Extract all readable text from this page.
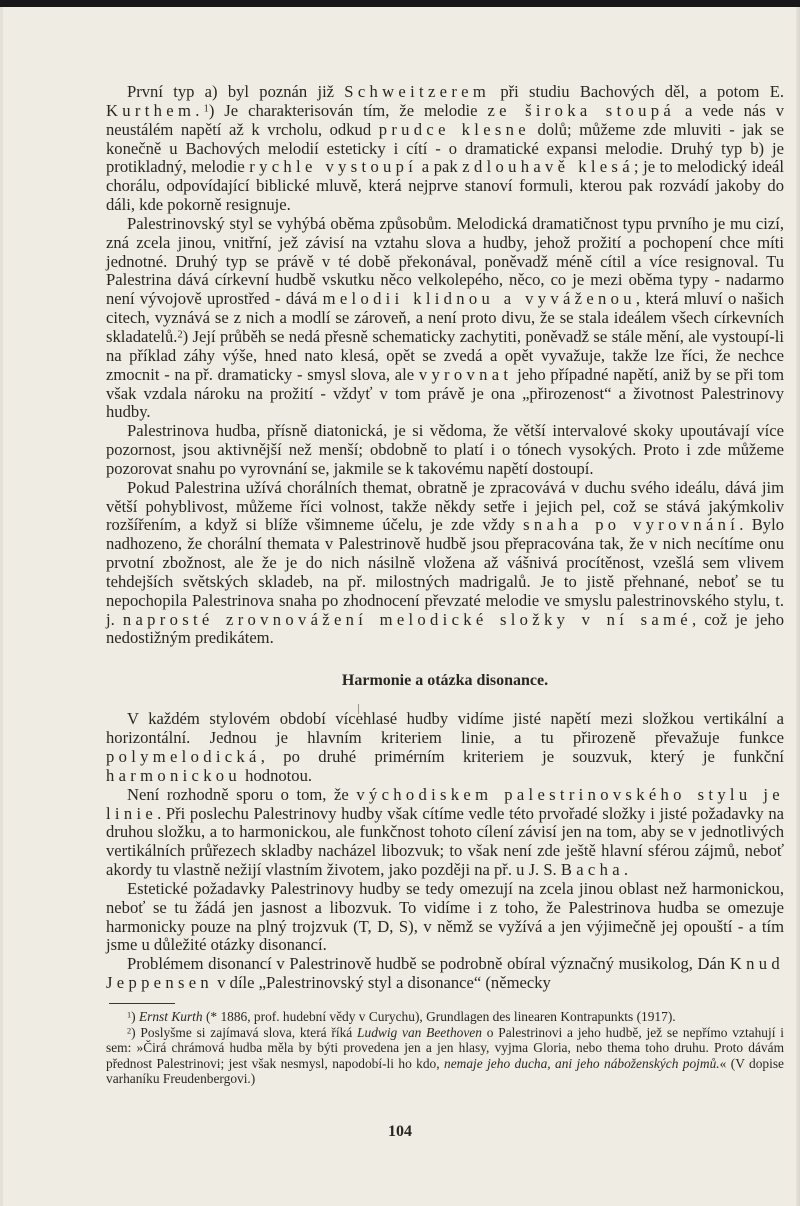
První typ a) byl poznán již Schweitzerem při studiu Bachových děl, a potom E. Kurthem.$^1$) Je charakterisován tím, že melodie ze široka stoupá a vede nás v neustálém napětí až k vrcholu, odkud prudce klesne dolů; můžeme zde mluviti - jak se konečně u Bachových melodií esteticky i cítí - o dramatické expansi melodie. Druhý typ b) je protikladný, melodie rychle vystoupí a pak zdlouhavě klesá; je to melodický ideál chorálu, odpovídající biblické mluvě, která nejprve stanoví formuli, kterou pak rozvádí jakoby do dáli, kde pokorně resignuje.

Palestrinovský styl se vyhýbá oběma způsobům. Melodická dramatičnost typu prvního je mu cizí, zná zcela jinou, vnitřní, jež závisí na vztahu slova a hudby, jehož prožití a pochopení chce míti jednotné. Druhý typ se právě v té době překonával, poněvadž méně cítil a více resignoval. Tu Palestrina dává církevní hudbě vskutku něco velkolepého, něco, co je mezi oběma typy - nadarmo není vývojově uprostřed - dává melodii klidnou a vyváženou, která mluví o našich citech, vyznává se z nich a modlí se zároveň, a není proto divu, že se stala ideálem všech církevních skladatelů.$^2$) Její průběh se nedá přesně schematicky zachytiti, poněvadž se stále mění, ale vystoupí-li na příklad záhy výše, hned nato klesá, opět se zvedá a opět vyvažuje, takže lze říci, že nechce zmocnit - na př. dramaticky - smysl slova, ale vyrovnat jeho případné napětí, aniž by se při tom však vzdala nároku na prožití - vždyť v tom právě je ona „přirozenost“ a životnost Palestrinovy hudby.

Palestrinova hudba, přísně diatonická, je si vědoma, že větší intervalové skoky upoutávají více pozornost, jsou aktivnější než menší; obdobně to platí i o tónech vysokých. Proto i zde můžeme pozorovat snahu po vyrovnání se, jakmile se k takovému napětí dostoupí.

Pokud Palestrina užívá chorálních themat, obratně je zpracovává v duchu svého ideálu, dává jim větší pohyblivost, můžeme říci volnost, takže někdy setře i jejich pel, což se stává jakýmkoliv rozšířením, a když si blíže všimneme účelu, je zde vždy snaha po vyrovnání. Bylo nadhozeno, že chorální themata v Palestrinově hudbě jsou přepracována tak, že v nich necítíme onu prvotní zbožnost, ale že je do nich násilně vložena až vášnivá procítěnost, vzešlá sem vlivem tehdejších světských skladeb, na př. milostných madrigalů. Je to jistě přehnané, neboť se tu nepochopila Palestrinova snaha po zhodnocení převzaté melodie ve smyslu palestrinovského stylu, t. j. naprosté zrovnovážení melodické složky v ní samé, což je jeho nedostižným predikátem.

Harmonie a otázka disonance.

V každém stylovém období vícehlasé hudby vidíme jisté napětí mezi složkou vertikální a horizontální. Jednou je hlavním kriteriem linie, a tu přirozeně převažuje funkce polymelodická, po druhé primérním kriteriem je souzvuk, který je funkční harmonickou hodnotou.

Není rozhodně sporu o tom, že východiskem palestrinovského stylu je linie. Při poslechu Palestrinovy hudby však cítíme vedle této prvořadé složky i jisté požadavky na druhou složku, a to harmonickou, ale funkčnost tohoto cílení závisí jen na tom, aby se v jednotlivých vertikálních průřezech skladby nacházel libozvuk; to však není zde ještě hlavní sférou zájmů, neboť akordy tu vlastně nežijí vlastním životem, jako později na př. u J. S. Bacha.

Estetické požadavky Palestrinovy hudby se tedy omezují na zcela jinou oblast než harmonickou, neboť se tu žádá jen jasnost a libozvuk. To vidíme i z toho, že Palestrinova hudba se omezuje harmonicky pouze na plný trojzvuk (T, D, S), v němž se vyžívá a jen výjimečně jej opouští - a tím jsme u důležité otázky disonancí.

Problémem disonancí v Palestrinově hudbě se podrobně obíral význačný musikolog, Dán Knud Jeppensen v díle „Palestrinovský styl a disonance“ (německy

$^1$) Ernst Kurth (* 1886, prof. hudební vědy v Curychu), Grundlagen des linearen Kontrapunkts (1917).

$^2$) Poslyšme si zajímavá slova, která říká Ludwig van Beethoven o Palestrinovi a jeho hudbě, jež se nepřímo vztahují i sem: »Čirá chrámová hudba měla by býti provedena jen a jen hlasy, vyjma Gloria, nebo thema toho druhu. Proto dávám přednost Palestrinovi; jest však nesmysl, napodobí-li ho kdo, nemaje jeho ducha, ani jeho náboženských pojmů.« (V dopise varhaníku Freudenbergovi.)

104
